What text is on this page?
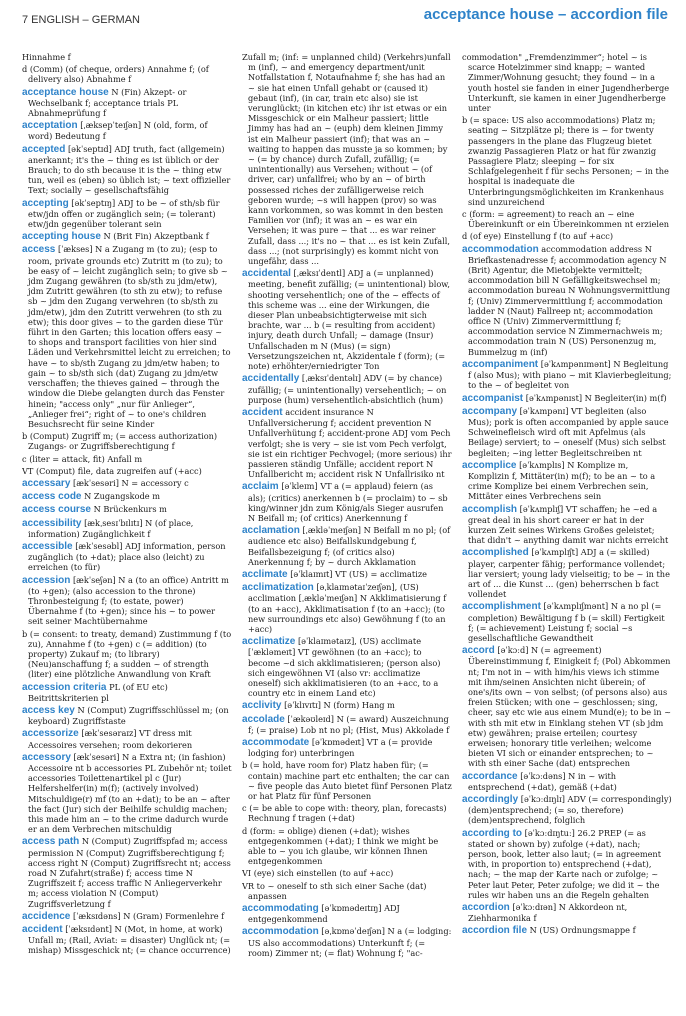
7 ENGLISH – GERMAN	acceptance house – accordion file
Hinnahme f
d (Comm) (of cheque, orders) Annahme f; (of delivery also) Abnahme f
acceptance house N (Fin) Akzept- or Wechselbank f; acceptance trials PL Abnahmeprüfung f
acceptation [ˌæksepˈteɪʃən] N (old, form, of word) Bedeutung f
accepted [əkˈseptɪd] ADJ truth, fact (allgemein) anerkannt; it's the ~ thing es ist üblich or der Brauch; to do sth because it is the ~ thing etw tun, weil es (eben) so üblich ist; ~ text offizieller Text; socially ~ gesellschaftsfähig
accepting [əkˈseptɪŋ] ADJ to be ~ of sth/sb für etw/jdn offen or zugänglich sein; (= tolerant) etw/jdn gegenüber tolerant sein
accepting house N (Brit Fin) Akzeptbank f
access [ˈækses] N a Zugang m (to zu); (esp to room, private grounds etc) Zutritt m (to zu); to be easy of ~ leicht zugänglich sein; to give sb ~ jdm Zugang gewähren (to sb/sth zu jdm/etw), jdm Zutritt gewähren (to sth zu etw); to refuse sb ~ jdm den Zugang verwehren (to sb/sth zu jdm/etw), jdm den Zutritt verwehren (to sth zu etw); this door gives ~ to the garden diese Tür führt in den Garten; this location offers easy ~ to shops and transport facilities von hier sind Läden und Verkehrsmittel leicht zu erreichen; to have ~ to sb/sth Zugang zu jdm/etw haben; to gain ~ to sb/sth sich (dat) Zugang zu jdm/etw verschaffen; the thieves gained ~ through the window die Diebe gelangten durch das Fenster hinein; "access only" „nur für Anlieger“, „Anlieger frei“; right of ~ to one's children Besuchsrecht für seine Kinder
b (Comput) Zugriff m; (= access authorization) Zugangs- or Zugriffsberechtigung f
c (liter = attack, fit) Anfall m
VT (Comput) file, data zugreifen auf (+acc)
accessary [ækˈsesəri] N = accessory c
access code N Zugangskode m
access course N Brückenkurs m
accessibility [ækˌsesɪˈbɪlɪtɪ] N (of place, information) Zugänglichkeit f
accessible [ækˈsesəbl] ADJ information, person zugänglich (to +dat); place also (leicht) zu erreichen (to für)
accession [ækˈseʃən] N a (to an office) Antritt m (to +gen); (also accession to the throne) Thronbesteigung f; (to estate, power) Übernahme f (to +gen); since his ~ to power seit seiner Machtübernahme
b (= consent: to treaty, demand) Zustimmung f (to zu), Annahme f (to +gen) c (= addition) (to property) Zukauf m; (to library) (Neu)anschaffung f; a sudden ~ of strength (liter) eine plötzliche Anwandlung von Kraft
accession criteria PL (of EU etc) Beitrittskriterien pl
access key N (Comput) Zugriffsschlüssel m; (on keyboard) Zugriffstaste
accessorize [ækˈsesəraɪz] VT dress mit Accessoires versehen; room dekorieren
accessory [ækˈsesəri] N a Extra nt; (in fashion) Accessoire nt b accessories PL Zubehör nt; toilet accessories Toilettenartikel pl c (Jur) Helfershelfer(in) m(f); (actively involved) Mitschuldige(r) mf (to an +dat); to be an ~ after the fact (Jur) sich der Beihilfe schuldig machen; this made him an ~ to the crime dadurch wurde er an dem Verbrechen mitschuldig
access path N (Comput) Zugriffspfad m; access permission N (Comput) Zugriffsberechtigung f; access right N (Comput) Zugriffsrecht nt; access road N Zufahrt(straße) f; access time N Zugriffszeit f; access traffic N Anliegerverkehr m; access violation N (Comput) Zugriffsverletzung f
accidence [ˈæksɪdəns] N (Gram) Formenlehre f
accident [ˈæksɪdənt] N (Mot, in home, at work) Unfall m; (Rail, Aviat: = disaster) Unglück nt; (= mishap) Missgeschick nt; (= chance occurrence)
Zufall m; (inf: = unplanned child) (Verkehrs)unfall m (inf), ~ and emergency department/unit Notfallstation f, Notaufnahme f; she has had an ~ sie hat einen Unfall gehabt or (caused it) gebaut (inf), (in car, train etc also) sie ist verunglückt; (in kitchen etc) ihr ist etwas or ein Missgeschick or ein Malheur passiert; little Jimmy has had an ~ (euph) dem kleinen Jimmy ist ein Malheur passiert (inf); that was an ~ waiting to happen das musste ja so kommen; by ~ (= by chance) durch Zufall, zufällig; (= unintentionally) aus Versehen; without ~ (of driver, car) unfallfrei; who by an ~ of birth possessed riches der zufälligerweise reich geboren wurde; ~s will happen (prov) so was kann vorkommen, so was kommt in den besten Familien vor (inf); it was an ~ es war ein Versehen; it was pure ~ that ... es war reiner Zufall, dass ...; it's no ~ that ... es ist kein Zufall, dass ...; (not surprisingly) es kommt nicht von ungefähr, dass ...
accidental [ˌæksɪˈdentl] ADJ a (= unplanned) meeting, benefit zufällig; (= unintentional) blow, shooting versehentlich; one of the ~ effects of this scheme was ... eine der Wirkungen, die dieser Plan unbeabsichtigterweise mit sich brachte, war ... b (= resulting from accident) injury, death durch Unfall; ~ damage (Insur) Unfallschaden m N (Mus) (= sign) Versetzungszeichen nt, Akzidentale f (form); (= note) erhöhter/erniedrigter Ton
accidentally [ˌæksɪˈdentəlɪ] ADV (= by chance) zufällig; (= unintentionally) versehentlich; ~ on purpose (hum) versehentlich-absichtlich (hum)
accident accident insurance N Unfallversicherung f; accident prevention N Unfallverhütung f; accident-prone ADJ vom Pech verfolgt; she is very ~ sie ist vom Pech verfolgt, sie ist ein richtiger Pechvogel; (more serious) ihr passieren ständig Unfälle; accident report N Unfallbericht m; accident risk N Unfallrisiko nt
acclaim [əˈkleɪm] VT a (= applaud) feiern (as als); (critics) anerkennen b (= proclaim) to ~ sb king/winner jdn zum König/als Sieger ausrufen N Beifall m; (of critics) Anerkennung f
acclamation [ˌækləˈmeɪʃən] N Beifall m no pl; (of audience etc also) Beifallskundgebung f, Beifallsbezeigung f; (of critics also) Anerkennung f; by ~ durch Akklamation
acclimate [əˈklaɪmɪt] VT (US) = acclimatize
acclimatization [əˌklaɪmətaɪˈzeɪʃən], (US) acclimation [ˌækləˈmeɪʃən] N Akklimatisierung f (to an +acc), Akklimatisation f (to an +acc); (to new surroundings etc also) Gewöhnung f (to an +acc)
acclimatize [əˈklaɪmətaɪz], (US) acclimate [ˈækləmeɪt] VT gewöhnen (to an +acc); to become ~d sich akklimatisieren; (person also) sich eingewöhnen VI (also vr: acclimatize oneself) sich akklimatisieren (to an +acc, to a country etc in einem Land etc)
acclivity [əˈklɪvɪtɪ] N (form) Hang m
accolade [ˈækəʊleɪd] N (= award) Auszeichnung f; (= praise) Lob nt no pl; (Hist, Mus) Akkolade f
accommodate [əˈkɒmədeɪt] VT a (= provide lodging for) unterbringen
b (= hold, have room for) Platz haben für; (= contain) machine part etc enthalten; the car can ~ five people das Auto bietet fünf Personen Platz or hat Platz für fünf Personen
c (= be able to cope with: theory, plan, forecasts) Rechnung f tragen (+dat)
d (form: = oblige) dienen (+dat); wishes entgegenkommen (+dat); I think we might be able to ~ you ich glaube, wir können Ihnen entgegenkommen
VI (eye) sich einstellen (to auf +acc)
VR to ~ oneself to sth sich einer Sache (dat) anpassen
accommodating [əˈkɒmədeɪtɪŋ] ADJ entgegenkommend
accommodation [əˌkɒməˈdeɪʃən] N a (= lodging: US also accommodations) Unterkunft f; (= room) Zimmer nt; (= flat) Wohnung f; "ac-
commodation" „Fremdenzimmer“; hotel ~ is scarce Hotelzimmer sind knapp; ~ wanted Zimmer/Wohnung gesucht; they found ~ in a youth hostel sie fanden in einer Jugendherberge Unterkunft, sie kamen in einer Jugendherberge unter
b (= space: US also accommodations) Platz m; seating ~ Sitzplätze pl; there is ~ for twenty passengers in the plane das Flugzeug bietet zwanzig Passagieren Platz or hat für zwanzig Passagiere Platz; sleeping ~ for six Schlafgelegenheit f für sechs Personen; ~ in the hospital is inadequate die Unterbringungsmöglichkeiten im Krankenhaus sind unzureichend
c (form: = agreement) to reach an ~ eine Übereinkunft or ein Übereinkommen nt erzielen
d (of eye) Einstellung f (to auf +acc)
accommodation accommodation address N Briefkastenadresse f; accommodation agency N (Brit) Agentur, die Mietobjekte vermittelt; accommodation bill N Gefälligkeitswechsel m; accommodation bureau N Wohnungsvermittlung f; (Univ) Zimmervermittlung f; accommodation ladder N (Naut) Fallreep nt; accommodation office N (Univ) Zimmervermittlung f; accommodation service N Zimmernachweis m; accommodation train N (US) Personenzug m, Bummelzug m (inf)
accompaniment [əˈkʌmpənɪmənt] N Begleitung f (also Mus); with piano ~ mit Klavierbegleitung; to the ~ of begleitet von
accompanist [əˈkʌmpənɪst] N Begleiter(in) m(f)
accompany [əˈkʌmpənɪ] VT begleiten (also Mus); pork is often accompanied by apple sauce Schweinefleisch wird oft mit Apfelmus (als Beilage) serviert; to ~ oneself (Mus) sich selbst begleiten; ~ing letter Begleitschreiben nt
accomplice [əˈkʌmplɪs] N Komplize m, Komplizin f, Mittäter(in) m(f); to be an ~ to a crime Komplize bei einem Verbrechen sein, Mittäter eines Verbrechens sein
accomplish [əˈkʌmplɪʃ] VT schaffen; he ~ed a great deal in his short career er hat in der kurzen Zeit seines Wirkens Großes geleistet; that didn't ~ anything damit war nichts erreicht
accomplished [əˈkʌmplɪʃt] ADJ a (= skilled) player, carpenter fähig; performance vollendet; liar versiert; young lady vielseitig; to be ~ in the art of ... die Kunst ... (gen) beherrschen b fact vollendet
accomplishment [əˈkʌmplɪʃmənt] N a no pl (= completion) Bewältigung f b (= skill) Fertigkeit f; (= achievement) Leistung f; social ~s gesellschaftliche Gewandtheit
accord [əˈkɔːd] N (= agreement) Übereinstimmung f, Einigkeit f; (Pol) Abkommen nt; I'm not in ~ with him/his views ich stimme mit ihm/seinen Ansichten nicht überein; of one's/its own ~ von selbst; (of persons also) aus freien Stücken; with one ~ geschlossen; sing, cheer, say etc wie aus einem Mund(e); to be in ~ with sth mit etw in Einklang stehen VT (sb jdm etw) gewähren; praise erteilen; courtesy erweisen; honorary title verleihen; welcome bieten VI sich or einander entsprechen; to ~ with sth einer Sache (dat) entsprechen
accordance [əˈkɔːdəns] N in ~ with entsprechend (+dat), gemäß (+dat)
accordingly [əˈkɔːdɪŋlɪ] ADV (= correspondingly) (dem)entsprechend; (= so, therefore) (dem)entsprechend, folglich
according to [əˈkɔːdɪŋtuː] 26.2 PREP (= as stated or shown by) zufolge (+dat), nach; person, book, letter also laut; (= in agreement with, in proportion to) entsprechend (+dat), nach; ~ the map der Karte nach or zufolge; ~ Peter laut Peter, Peter zufolge; we did it ~ the rules wir haben uns an die Regeln gehalten
accordion [əˈkɔːdɪən] N Akkordeon nt, Ziehharmonika f
accordion file N (US) Ordnungsmappe f
